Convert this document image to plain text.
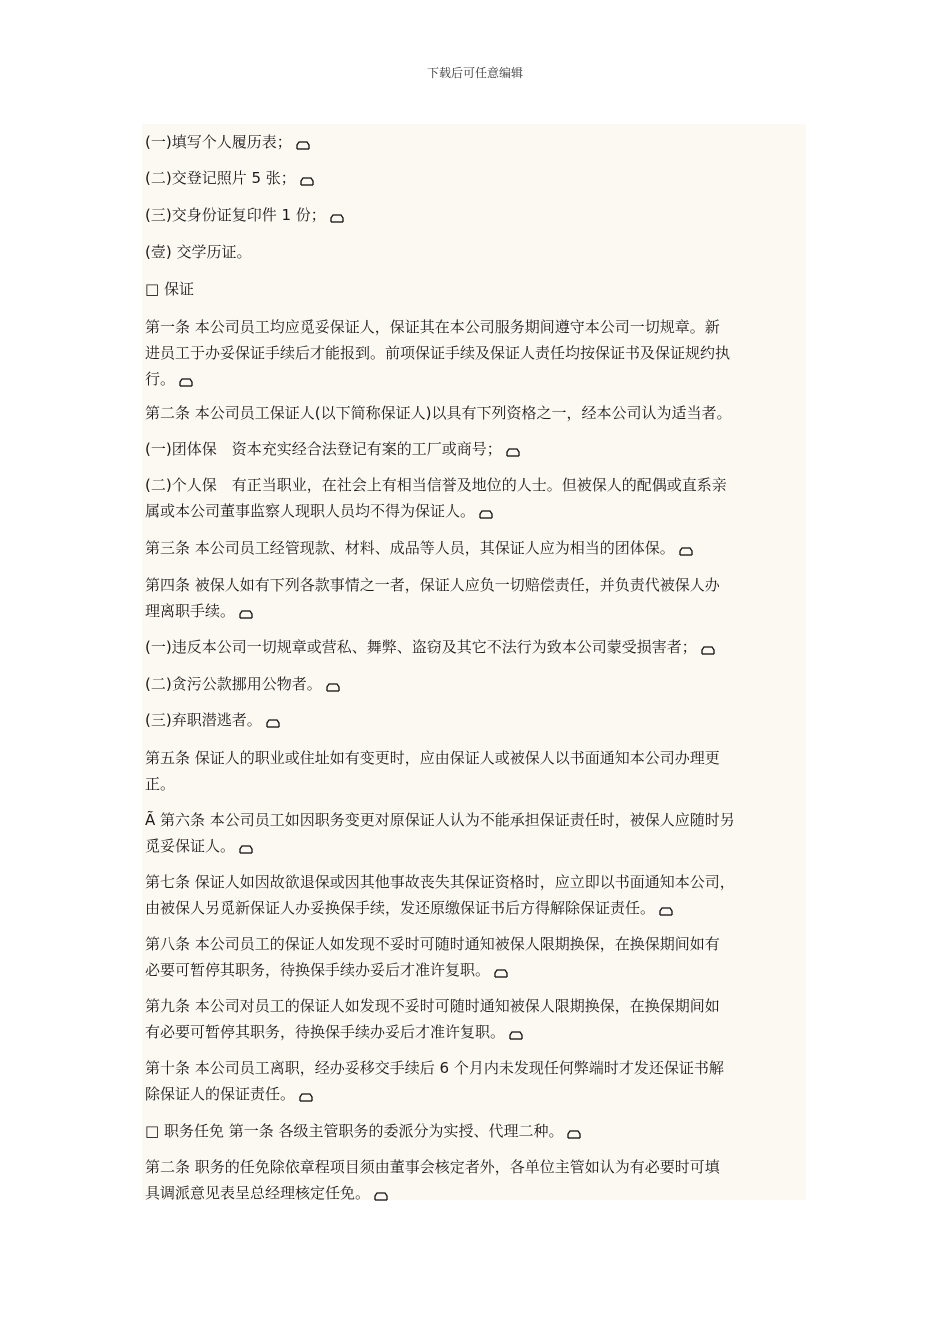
下载后可任意编辑
(一)填写个人履历表；
(二)交登记照片 5 张；
(三)交身份证复印件 1 份；
(壹) 交学历证。
□ 保证
第一条 本公司员工均应觅妥保证人，保证其在本公司服务期间遵守本公司一切规章。新
进员工于办妥保证手续后才能报到。前项保证手续及保证人责任均按保证书及保证规约执
行。
第二条 本公司员工保证人(以下简称保证人)以具有下列资格之一，经本公司认为适当者。
(一)团体保　资本充实经合法登记有案的工厂或商号；
(二)个人保　有正当职业，在社会上有相当信誉及地位的人士。但被保人的配偶或直系亲
属或本公司董事监察人现职人员均不得为保证人。
第三条 本公司员工经管现款、材料、成品等人员，其保证人应为相当的团体保。
第四条 被保人如有下列各款事情之一者，保证人应负一切赔偿责任，并负责代被保人办
理离职手续。
(一)违反本公司一切规章或营私、舞弊、盗窃及其它不法行为致本公司蒙受损害者；
(二)贪污公款挪用公物者。
(三)弃职潜逃者。
第五条 保证人的职业或住址如有变更时，应由保证人或被保人以书面通知本公司办理更
正。
Ã 第六条 本公司员工如因职务变更对原保证人认为不能承担保证责任时，被保人应随时另
觅妥保证人。
第七条 保证人如因故欲退保或因其他事故丧失其保证资格时，应立即以书面通知本公司，
由被保人另觅新保证人办妥换保手续，发还原缴保证书后方得解除保证责任。
第八条 本公司员工的保证人如发现不妥时可随时通知被保人限期换保，在换保期间如有
必要可暂停其职务，待换保手续办妥后才准许复职。
第九条 本公司对员工的保证人如发现不妥时可随时通知被保人限期换保，在换保期间如
有必要可暂停其职务，待换保手续办妥后才准许复职。
第十条 本公司员工离职，经办妥移交手续后 6 个月内未发现任何弊端时才发还保证书解
除保证人的保证责任。
□ 职务任免 第一条 各级主管职务的委派分为实授、代理二种。
第二条 职务的任免除依章程项目须由董事会核定者外，各单位主管如认为有必要时可填
具调派意见表呈总经理核定任免。
